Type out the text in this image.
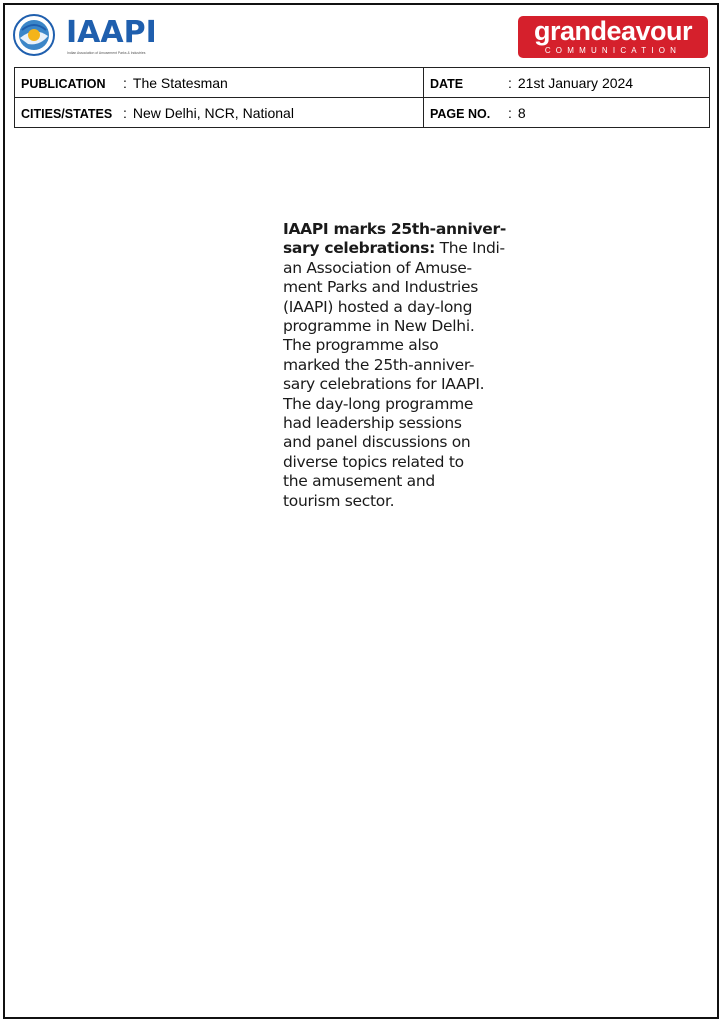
IAAPI
Indian Association of Amusement Parks & Industries
grandeavour
COMMUNICATION
PUBLICATION : The Statesman	DATE : 21st January 2024
CITIES/STATES : New Delhi, NCR, National	PAGE NO. : 8
IAAPI marks 25th-anniver-
sary celebrations: The Indi-
an Association of Amuse-
ment Parks and Industries
(IAAPI) hosted a day-long
programme in New Delhi.
The programme also
marked the 25th-anniver-
sary celebrations for IAAPI.
The day-long programme
had leadership sessions
and panel discussions on
diverse topics related to
the amusement and
tourism sector.
